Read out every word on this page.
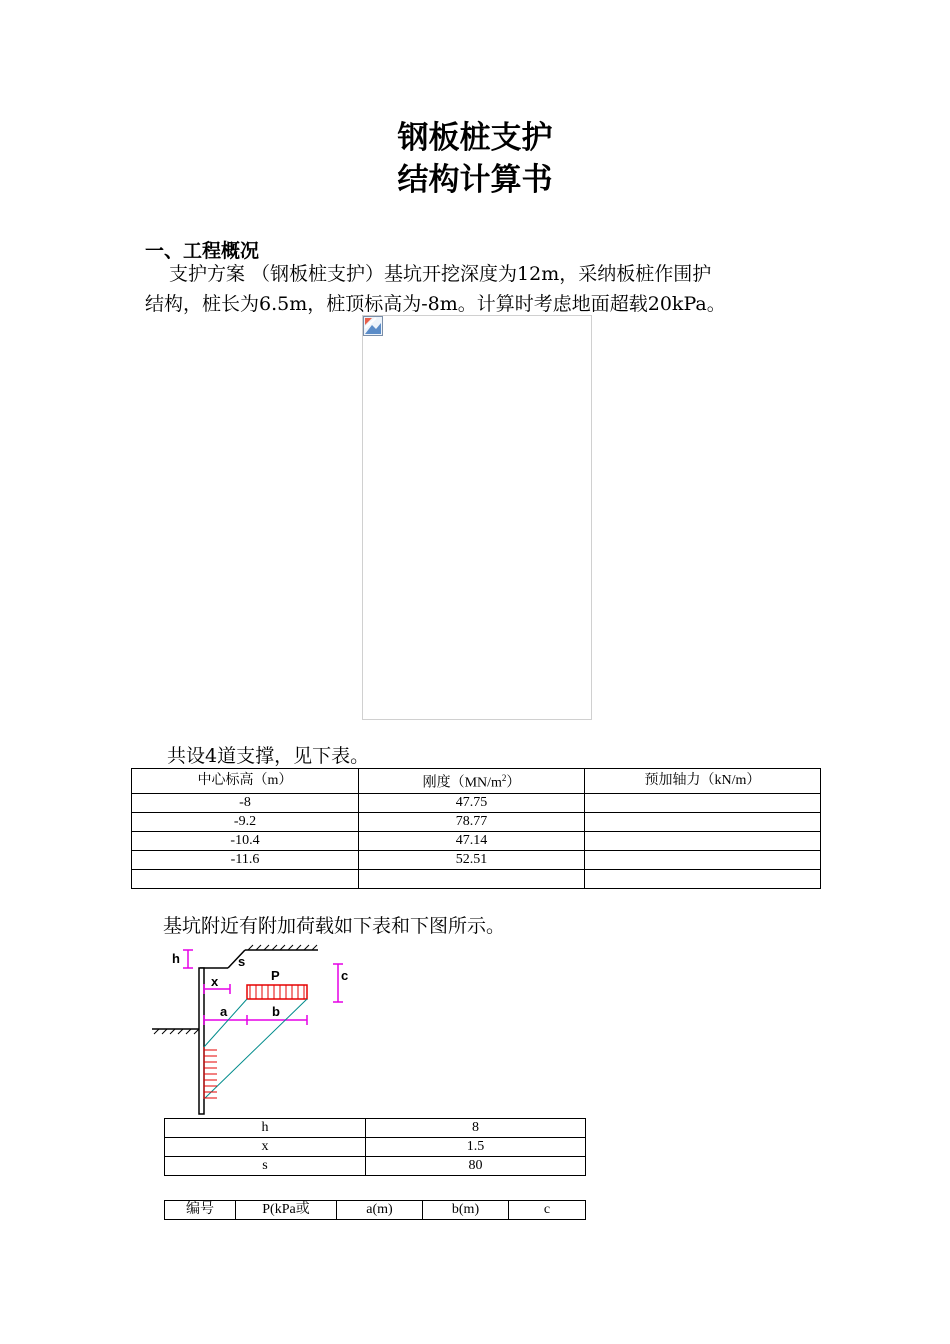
钢板桩支护
结构计算书
一、工程概况
支护方案 （钢板桩支护）基坑开挖深度为12m，采纳板桩作围护
结构，桩长为6.5m，桩顶标高为-8m。计算时考虑地面超载20kPa。
共设4道支撑，见下表。
中心标高（m）	刚度$(MN/m^2)$	预加轴力（kN/m）
-8	47.75	
-9.2	78.77	
-10.4	47.14	
-11.6	52.51	

基坑附近有附加荷载如下表和下图所示。
h	s
x	P	c
a	b
h	8
x	1.5
s	80
编号	P(kPa或	a(m)	b(m)	c
